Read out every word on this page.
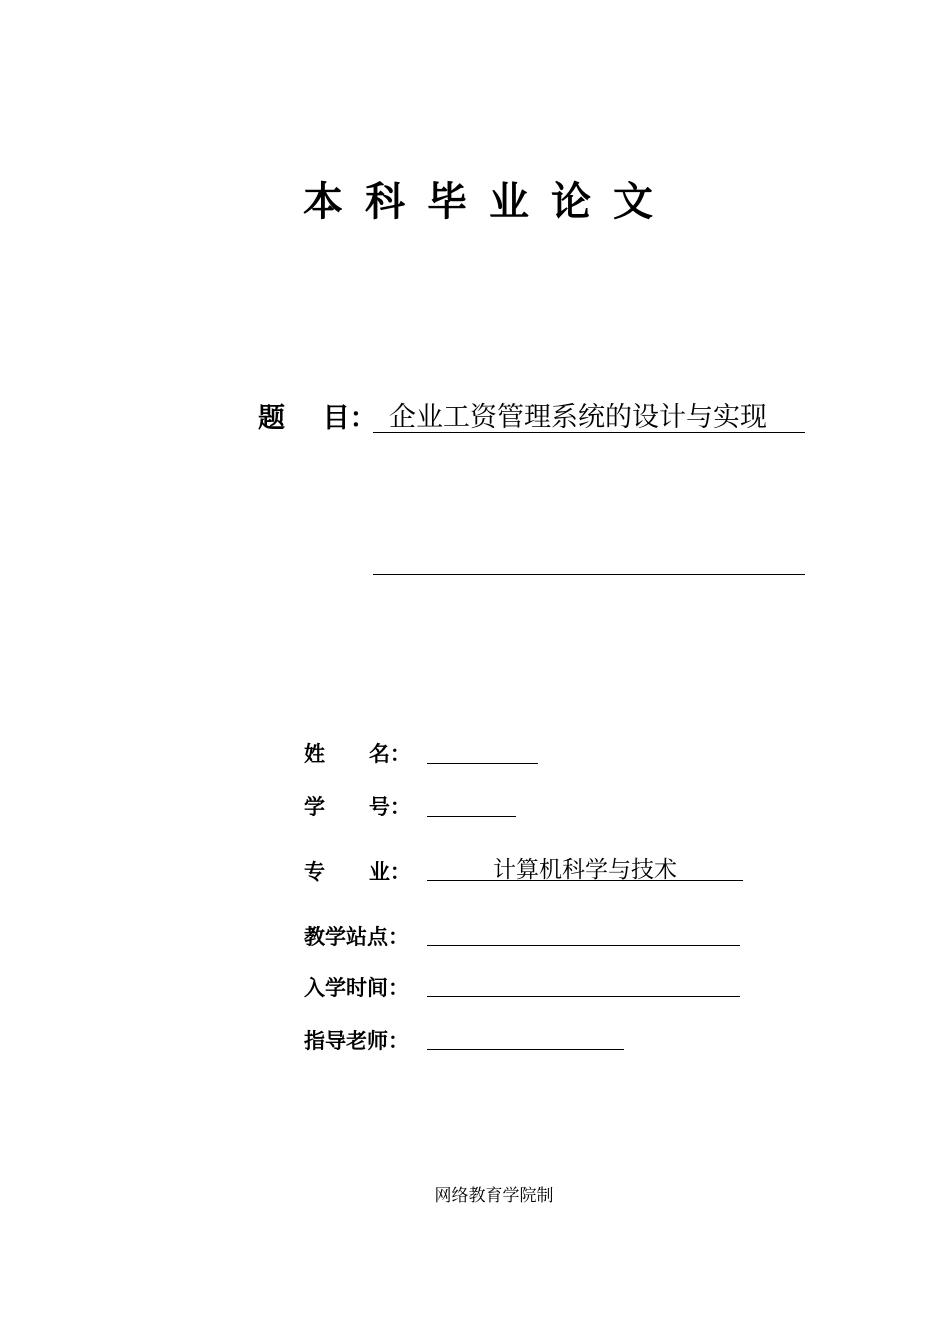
本科毕业论文
题    目： 企业工资管理系统的设计与实现
姓      名：
学      号：
专      业：	计算机科学与技术
教学站点：
入学时间：
指导老师：
网络教育学院制
